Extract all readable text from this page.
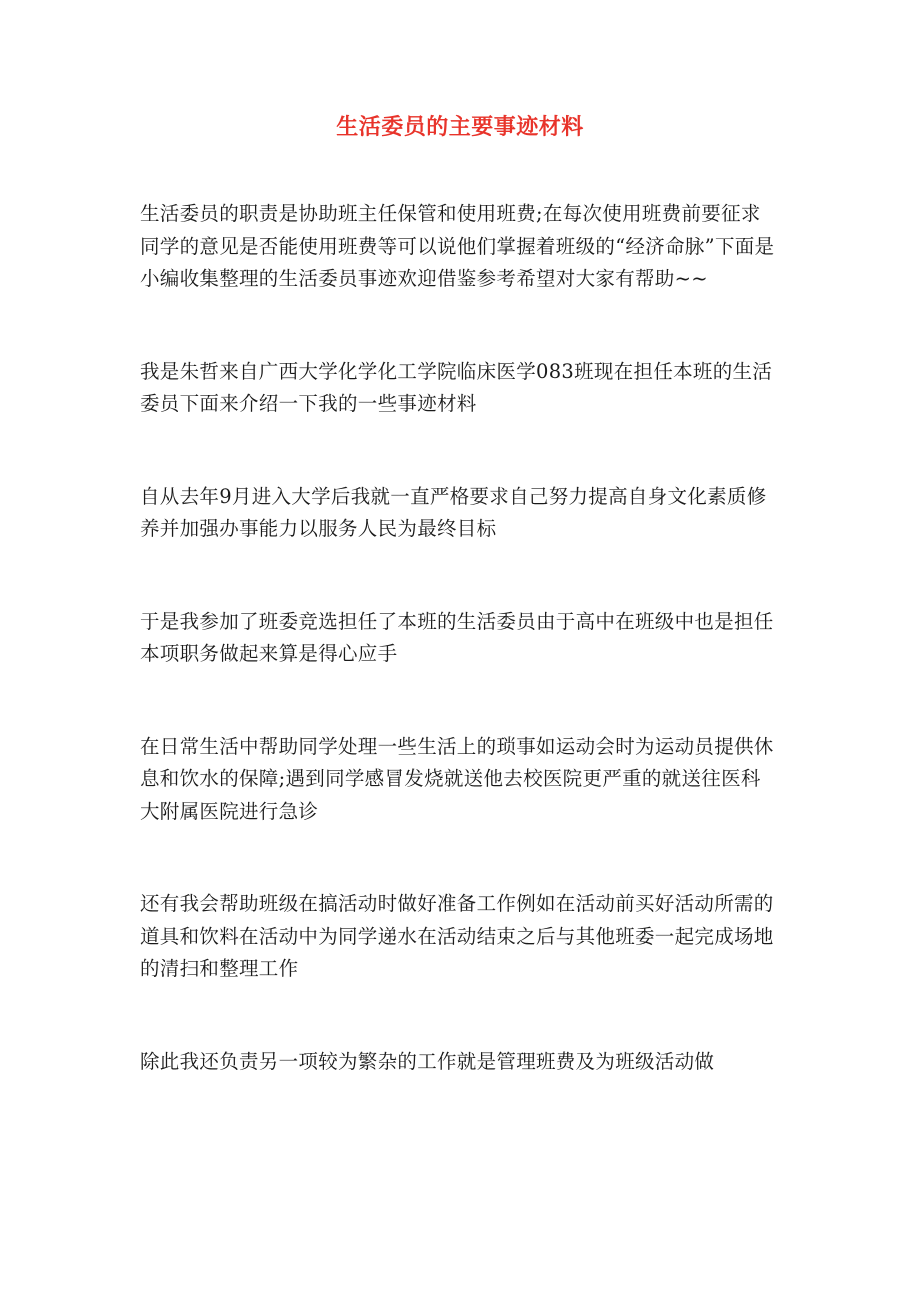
生活委员的主要事迹材料

生活委员的职责是协助班主任保管和使用班费;在每次使用班费前要征求同学的意见是否能使用班费等可以说他们掌握着班级的“经济命脉”下面是小编收集整理的生活委员事迹欢迎借鉴参考希望对大家有帮助~~

我是朱哲来自广西大学化学化工学院临床医学083班现在担任本班的生活委员下面来介绍一下我的一些事迹材料

自从去年9月进入大学后我就一直严格要求自己努力提高自身文化素质修养并加强办事能力以服务人民为最终目标

于是我参加了班委竞选担任了本班的生活委员由于高中在班级中也是担任本项职务做起来算是得心应手

在日常生活中帮助同学处理一些生活上的琐事如运动会时为运动员提供休息和饮水的保障;遇到同学感冒发烧就送他去校医院更严重的就送往医科大附属医院进行急诊

还有我会帮助班级在搞活动时做好准备工作例如在活动前买好活动所需的道具和饮料在活动中为同学递水在活动结束之后与其他班委一起完成场地的清扫和整理工作

除此我还负责另一项较为繁杂的工作就是管理班费及为班级活动做
